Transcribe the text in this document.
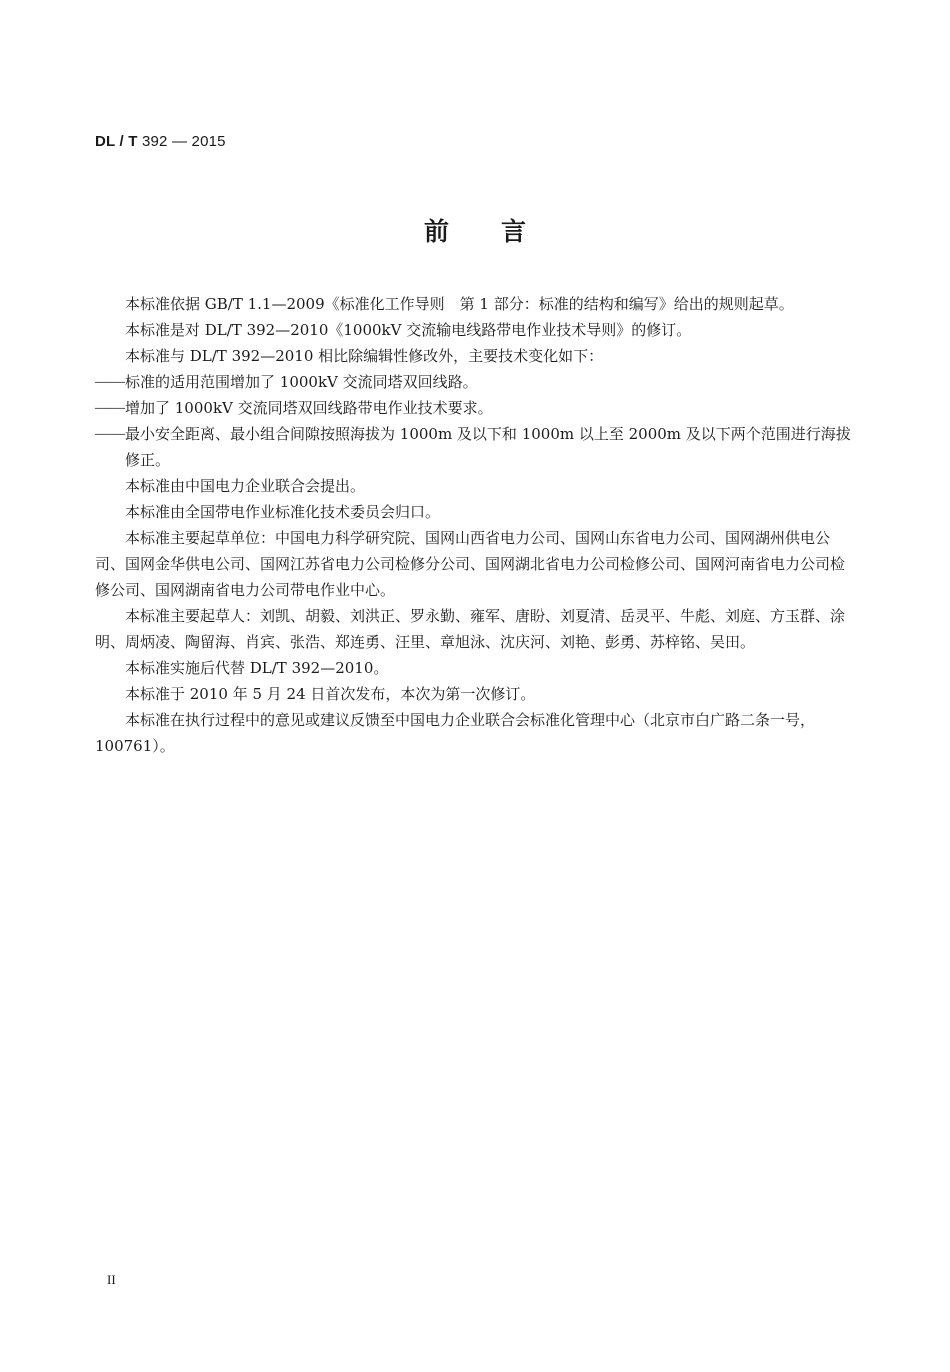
DL / T 392 — 2015
前言

本标准依据 GB/T 1.1—2009《标准化工作导则　第 1 部分：标准的结构和编写》给出的规则起草。

本标准是对 DL/T 392—2010《1000kV 交流输电线路带电作业技术导则》的修订。

本标准与 DL/T 392—2010 相比除编辑性修改外，主要技术变化如下：

—— 标准的适用范围增加了 1000kV 交流同塔双回线路。
—— 增加了 1000kV 交流同塔双回线路带电作业技术要求。
—— 最小安全距离、最小组合间隙按照海拔为 1000m 及以下和 1000m 以上至 2000m 及以下两个范围进行海拔修正。

本标准由中国电力企业联合会提出。

本标准由全国带电作业标准化技术委员会归口。

本标准主要起草单位：中国电力科学研究院、国网山西省电力公司、国网山东省电力公司、国网湖州供电公司、国网金华供电公司、国网江苏省电力公司检修分公司、国网湖北省电力公司检修公司、国网河南省电力公司检修公司、国网湖南省电力公司带电作业中心。

本标准主要起草人：刘凯、胡毅、刘洪正、罗永勤、雍军、唐盼、刘夏清、岳灵平、牛彪、刘庭、方玉群、涂明、周炳凌、陶留海、肖宾、张浩、郑连勇、汪里、章旭泳、沈庆河、刘艳、彭勇、苏梓铭、吴田。

本标准实施后代替 DL/T 392—2010。

本标准于 2010 年 5 月 24 日首次发布，本次为第一次修订。

本标准在执行过程中的意见或建议反馈至中国电力企业联合会标准化管理中心（北京市白广路二条一号，100761）。

II
